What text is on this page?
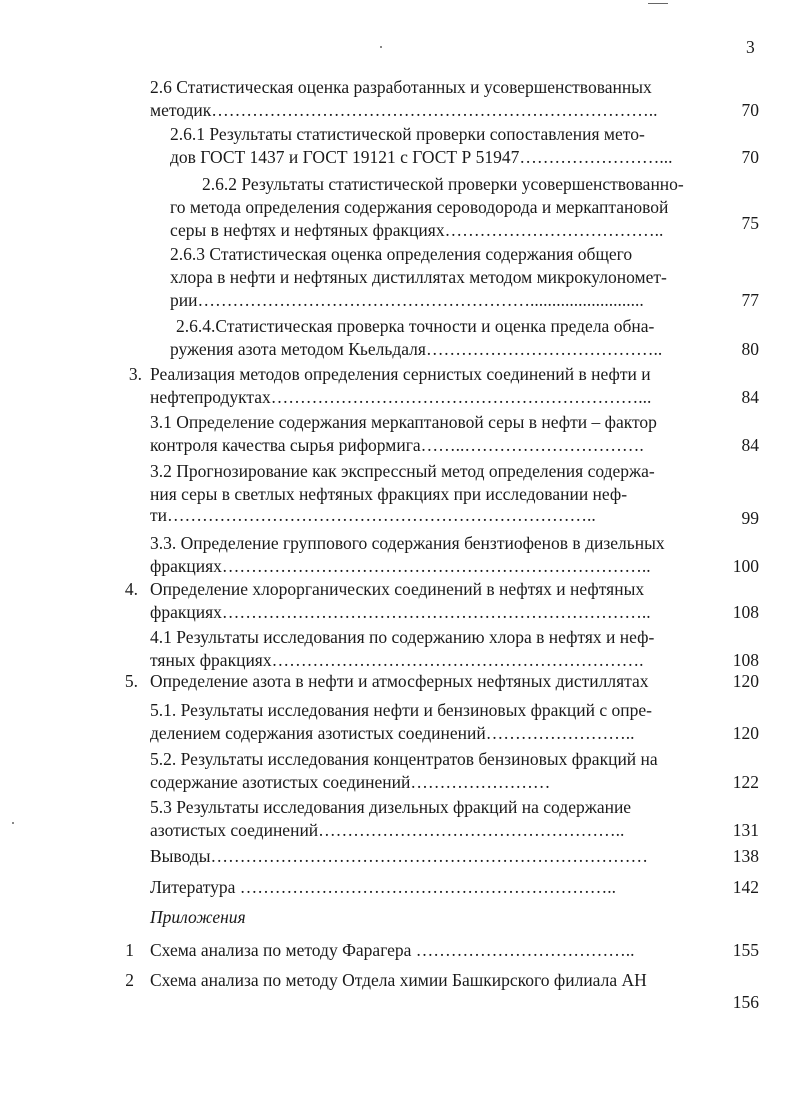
3
2.6 Статистическая оценка разработанных и усовершенствованных
методик…………………………………………………………………..	70
2.6.1 Результаты статистической проверки сопоставления мето-
дов ГОСТ 1437 и ГОСТ 19121 с ГОСТ Р 51947……………………...	70
2.6.2 Результаты статистической проверки усовершенствованно-
го метода определения содержания сероводорода и меркаптановой
серы в нефтях и нефтяных фракциях………………………………..	75
2.6.3 Статистическая оценка определения содержания общего
хлора в нефти и нефтяных дистиллятах методом микрокулономет-
рии…………………………………………………..........................	77
2.6.4.Статистическая проверка точности и оценка предела обна-
ружения азота методом Кьельдаля…………………………………..	80
3. Реализация методов определения сернистых соединений в нефти и
нефтепродуктах………………………………………………………...	84
3.1 Определение содержания меркаптановой серы в нефти – фактор
контроля качества сырья риформига……..………………………….	84
3.2 Прогнозирование как экспрессный метод определения содержа-
ния серы в светлых нефтяных фракциях при исследовании неф-
ти………………………………………………………………..	99
3.3. Определение группового содержания бензтиофенов в дизельных
фракциях………………………………………………………………..	100
4. Определение хлорорганических соединений в нефтях и нефтяных
фракциях………………………………………………………………..	108
4.1 Результаты исследования по содержанию хлора в нефтях и неф-
тяных фракциях……………………………………………………….	108
5. Определение азота в нефти и атмосферных нефтяных дистиллятах	120
5.1. Результаты исследования нефти и бензиновых фракций с опре-
делением содержания азотистых соединений……………………..	120
5.2. Результаты исследования концентратов бензиновых фракций на
содержание азотистых соединений……………………	122
5.3 Результаты исследования дизельных фракций на содержание
азотистых соединений……………………………………………..	131
Выводы…………………………………………………………………	138
Литература ………………………………………………………..	142
Приложения
1 Схема анализа по методу Фарагера ………………………………..	155
2 Схема анализа по методу Отдела химии Башкирского филиала АН
156
